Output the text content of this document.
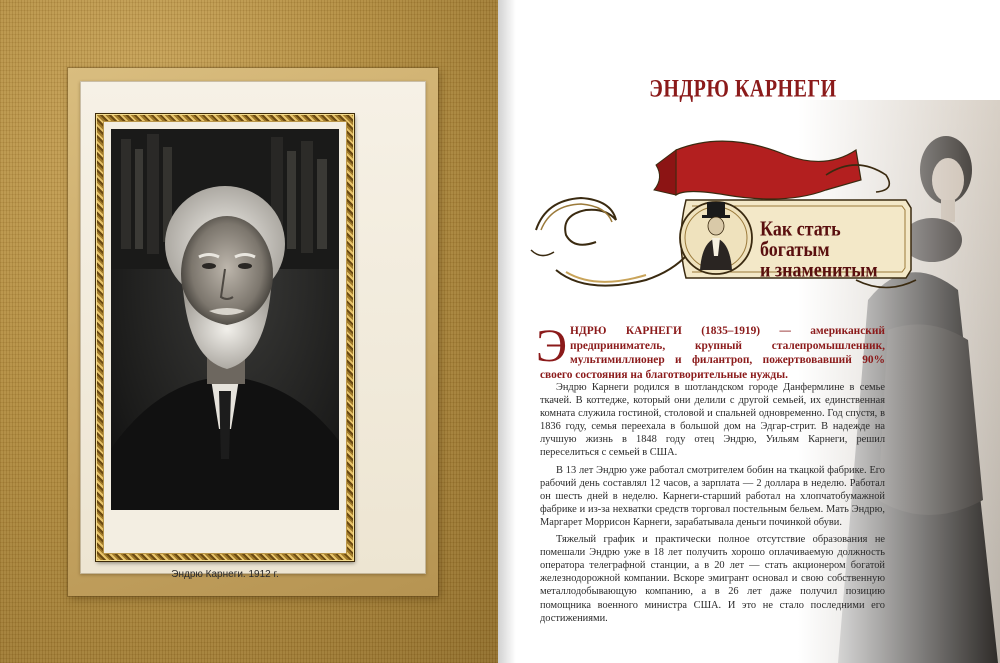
Эндрю Карнеги. 1912 г.
ЭНДРЮ КАРНЕГИ
Как стать богатым
и знаменитым
Э НДРЮ КАРНЕГИ (1835–1919) — американский предприниматель, крупный сталепромышленник, мультимиллионер и филантроп, пожертвовавший 90% своего состояния на благотворительные нужды.

Эндрю Карнеги родился в шотландском городе Данфермлине в семье ткачей. В коттедже, который они делили с другой семьей, их единственная комната служила гостиной, столовой и спальней одновременно. Год спустя, в 1836 году, семья переехала в большой дом на Эдгар-стрит. В надежде на лучшую жизнь в 1848 году отец Эндрю, Уильям Карнеги, решил переселиться с семьей в США.

В 13 лет Эндрю уже работал смотрителем бобин на ткацкой фабрике. Его рабочий день составлял 12 часов, а зарплата — 2 доллара в неделю. Работал он шесть дней в неделю. Карнеги-старший работал на хлопчатобумажной фабрике и из-за нехватки средств торговал постельным бельем. Мать Эндрю, Маргарет Моррисон Карнеги, зарабатывала деньги починкой обуви.

Тяжелый график и практически полное отсутствие образования не помешали Эндрю уже в 18 лет получить хорошо оплачиваемую должность оператора телеграфной станции, а в 20 лет — стать акционером богатой железнодорожной компании. Вскоре эмигрант основал и свою собственную металлодобывающую компанию, а в 26 лет даже получил позицию помощника военного министра США. И это не стало последними его достижениями.
